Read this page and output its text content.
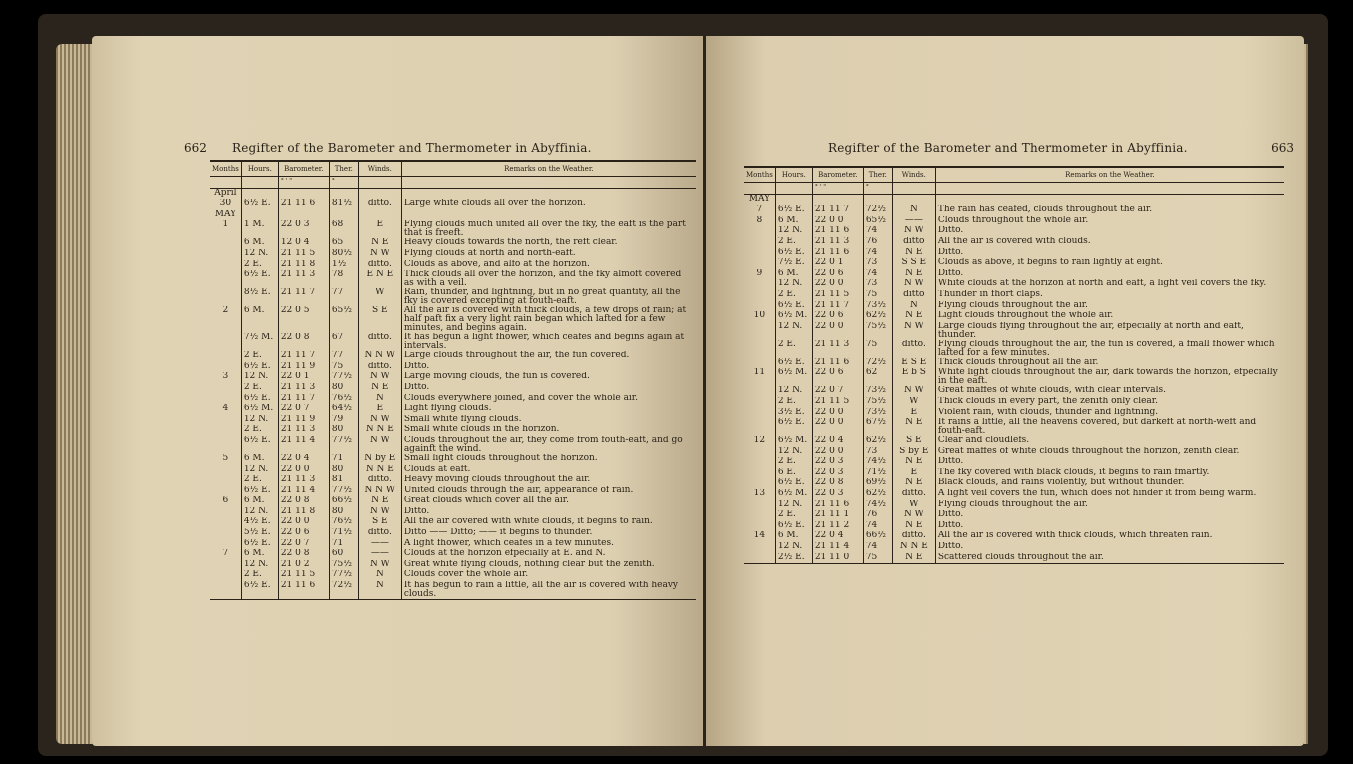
662 Regifter of the Barometer and Thermometer in Abyffinia.
Months	Hours.	Barometer.	Ther.	Winds.	Remarks on the Weather.
		° ' "	°		
April					
30	6½ E.	21 11 6	81½	ditto.	Large white clouds all over the horizon.
MAY					
1	1 M.	22 0 3	68	E	Flying clouds much united all over the fky, the eaft is the part that is freeft.
	6 M.	12 0 4	65	N E	Heavy clouds towards the north, the reft clear.
	12 N.	21 11 5	80½	N W	Flying clouds at north and north-eaft.
	2 E.	21 11 8	1½	ditto.	Clouds as above, and alfo at the horizon.
	6½ E.	21 11 3	78	E N E	Thick clouds all over the horizon, and the fky almoft covered as with a veil.
	8½ E.	21 11 7	77	W	Rain, thunder, and lightning, but in no great quantity, all the fky is covered excepting at fouth-eaft.
2	6 M.	22 0 5	65½	S E	All the air is covered with thick clouds, a few drops of rain; at half paft fix a very light rain began which lafted for a few minutes, and begins again.
	7½ M.	22 0 8	67	ditto.	It has begun a light fhower, which ceafes and begins again at intervals.
	2 E.	21 11 7	77	N N W	Large clouds throughout the air, the fun covered.
	6½ E.	21 11 9	75	ditto.	Ditto.
3	12 N.	22 0 1	77½	N W	Large moving clouds, the fun is covered.
	2 E.	21 11 3	80	N E	Ditto.
	6½ E.	21 11 7	76½	N	Clouds everywhere joined, and cover the whole air.
4	6½ M.	22 0 7	64½	E	Light flying clouds.
	12 N.	21 11 9	79	N W	Small white flying clouds.
	2 E.	21 11 3	80	N N E	Small white clouds in the horizon.
	6½ E.	21 11 4	77½	N W	Clouds throughout the air, they come from fouth-eaft, and go againft the wind.
5	6 M.	22 0 4	71	N by E	Small light clouds throughout the horizon.
	12 N.	22 0 0	80	N N E	Clouds at eaft.
	2 E.	21 11 3	81	ditto.	Heavy moving clouds throughout the air.
	6½ E.	21 11 4	77½	N N W	United clouds through the air, appearance of rain.
6	6 M.	22 0 8	66½	N E	Great clouds which cover all the air.
	12 N.	21 11 8	80	N W	Ditto.
	4½ E.	22 0 0	76½	S E	All the air covered with white clouds, it begins to rain.
	5½ E.	22 0 6	71½	ditto.	Ditto —— Ditto; —— it begins to thunder.
	6½ E.	22 0 7	71	——	A light fhower, which ceafes in a few minutes.
7	6 M.	22 0 8	60	——	Clouds at the horizon efpecially at E. and N.
	12 N.	21 0 2	75½	N W	Great white flying clouds, nothing clear but the zenith.
	2 E.	21 11 5	77½	N	Clouds cover the whole air.
	6½ E.	21 11 6	72½	N	It has begun to rain a little, all the air is covered with heavy clouds.
Regifter of the Barometer and Thermometer in Abyffinia.	663
Months	Hours.	Barometer.	Ther.	Winds.	Remarks on the Weather.
		° ' "	°		
MAY					
7	6½ E.	21 11 7	72½	N	The rain has ceafed, clouds throughout the air.
8	6 M.	22 0 0	65½	——	Clouds throughout the whole air.
	12 N.	21 11 6	74	N W	Ditto.
	2 E.	21 11 3	76	ditto	All the air is covered with clouds.
	6½ E.	21 11 6	74	N E	Ditto.
	7½ E.	22 0 1	73	S S E	Clouds as above, it begins to rain lightly at eight.
9	6 M.	22 0 6	74	N E	Ditto.
	12 N.	22 0 0	73	N W	White clouds at the horizon at north and eaft, a light veil covers the fky.
	2 E.	21 11 5	75	ditto	Thunder in fhort claps.
	6½ E.	21 11 7	73½	N	Flying clouds throughout the air.
10	6½ M.	22 0 6	62½	N E	Light clouds throughout the whole air.
	12 N.	22 0 0	75½	N W	Large clouds flying throughout the air, efpecially at north and eaft, thunder.
	2 E.	21 11 3	75	ditto.	Flying clouds throughout the air, the fun is covered, a fmall fhower which lafted for a few minutes.
	6½ E.	21 11 6	72½	E S E	Thick clouds throughout all the air.
11	6½ M.	22 0 6	62	E b S	White light clouds throughout the air, dark towards the horizon, efpecially in the eaft.
	12 N.	22 0 7	73½	N W	Great maffes of white clouds, with clear intervals.
	2 E.	21 11 5	75½	W	Thick clouds in every part, the zenith only clear.
	3½ E.	22 0 0	73½	E	Violent rain, with clouds, thunder and lightning.
	6½ E.	22 0 0	67½	N E	It rains a little, all the heavens covered, but darkeft at north-weft and fouth-eaft.
12	6½ M.	22 0 4	62½	S E	Clear and cloudlefs.
	12 N.	22 0 0	73	S by E	Great maffes of white clouds throughout the horizon, zenith clear.
	2 E.	22 0 3	74½	N E	Ditto.
	6 E.	22 0 3	71½	E	The fky covered with black clouds, it begins to rain fmartly.
	6½ E.	22 0 8	69½	N E	Black clouds, and rains violently, but without thunder.
13	6½ M.	22 0 3	62½	ditto.	A light veil covers the fun, which does not hinder it from being warm.
	12 N.	21 11 6	74½	W	Flying clouds throughout the air.
	2 E.	21 11 1	76	N W	Ditto.
	6½ E.	21 11 2	74	N E	Ditto.
14	6 M.	22 0 4	66½	ditto.	All the air is covered with thick clouds, which threaten rain.
	12 N.	21 11 4	74	N N E	Ditto.
	2½ E.	21 11 0	75	N E	Scattered clouds throughout the air.
